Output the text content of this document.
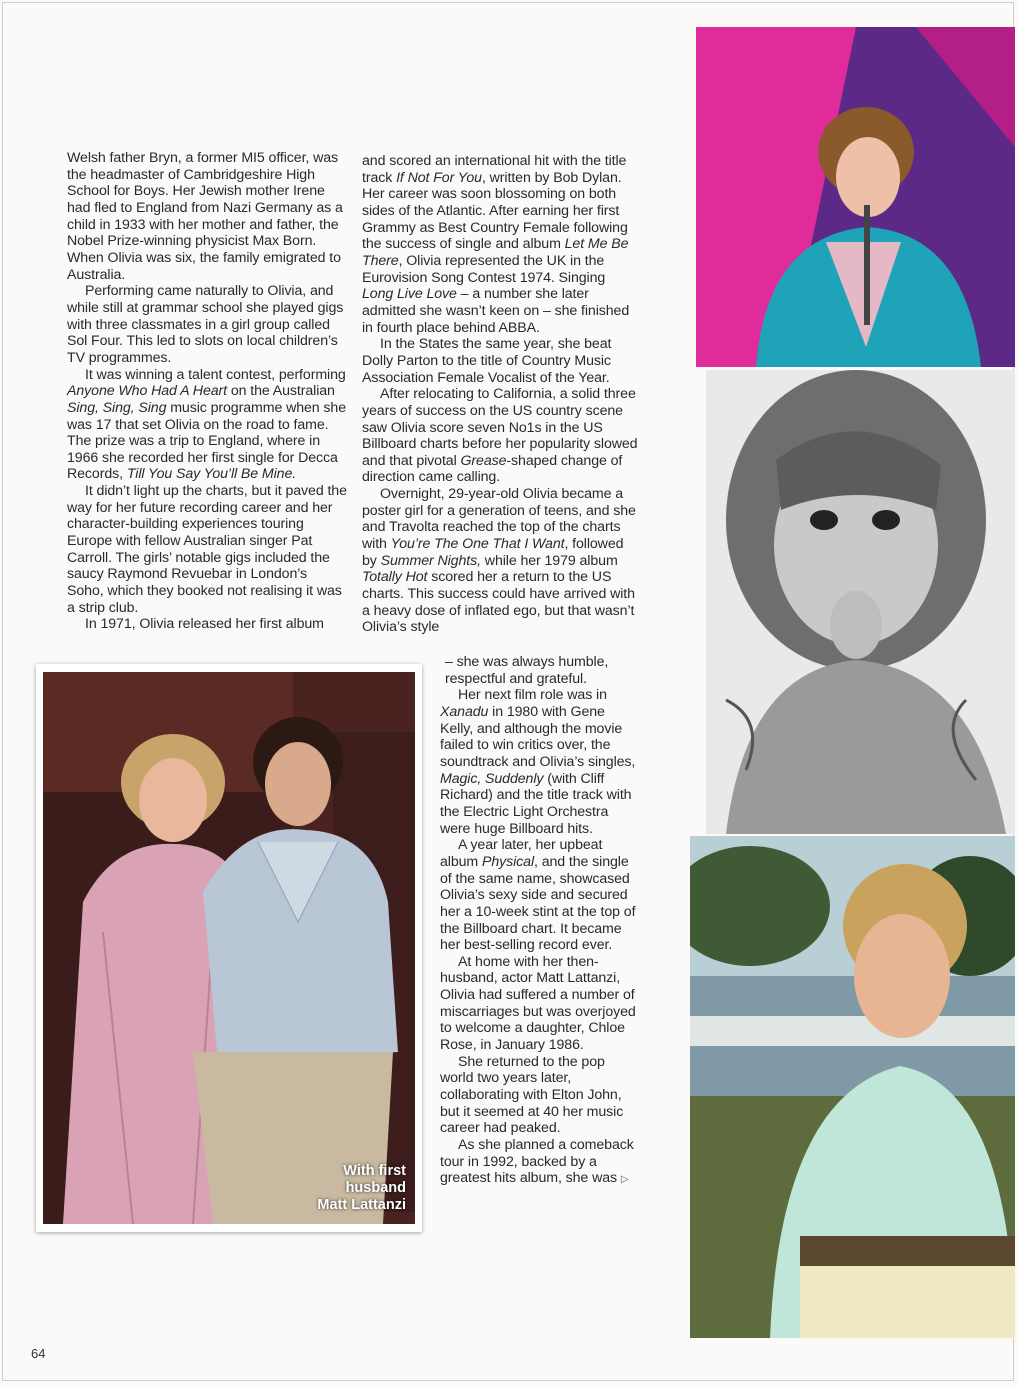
Welsh father Bryn, a former MI5 officer, was the headmaster of Cambridgeshire High School for Boys. Her Jewish mother Irene had fled to England from Nazi Germany as a child in 1933 with her mother and father, the Nobel Prize-winning physicist Max Born. When Olivia was six, the family emigrated to Australia.

Performing came naturally to Olivia, and while still at grammar school she played gigs with three classmates in a girl group called Sol Four. This led to slots on local children’s TV programmes.

It was winning a talent contest, performing Anyone Who Had A Heart on the Australian Sing, Sing, Sing music programme when she was 17 that set Olivia on the road to fame. The prize was a trip to England, where in 1966 she recorded her first single for Decca Records, Till You Say You’ll Be Mine.

It didn’t light up the charts, but it paved the way for her future recording career and her character-building experiences touring Europe with fellow Australian singer Pat Carroll. The girls’ notable gigs included the saucy Raymond Revuebar in London’s Soho, which they booked not realising it was a strip club.

In 1971, Olivia released her first album

and scored an international hit with the title track If Not For You, written by Bob Dylan. Her career was soon blossoming on both sides of the Atlantic. After earning her first Grammy as Best Country Female following the success of single and album Let Me Be There, Olivia represented the UK in the Eurovision Song Contest 1974. Singing Long Live Love – a number she later admitted she wasn’t keen on – she finished in fourth place behind ABBA.

In the States the same year, she beat Dolly Parton to the title of Country Music Association Female Vocalist of the Year.

After relocating to California, a solid three years of success on the US country scene saw Olivia score seven No1s in the US Billboard charts before her popularity slowed and that pivotal Grease-shaped change of direction came calling.

Overnight, 29-year-old Olivia became a poster girl for a generation of teens, and she and Travolta reached the top of the charts with You’re The One That I Want, followed by Summer Nights, while her 1979 album Totally Hot scored her a return to the US charts. This success could have arrived with a heavy dose of inflated ego, but that wasn’t Olivia’s style

– she was always humble, respectful and grateful.

Her next film role was in Xanadu in 1980 with Gene Kelly, and although the movie failed to win critics over, the soundtrack and Olivia’s singles, Magic, Suddenly (with Cliff Richard) and the title track with the Electric Light Orchestra were huge Billboard hits.

A year later, her upbeat album Physical, and the single of the same name, showcased Olivia’s sexy side and secured her a 10-week stint at the top of the Billboard chart. It became her best-selling record ever.

At home with her then-husband, actor Matt Lattanzi, Olivia had suffered a number of miscarriages but was overjoyed to welcome a daughter, Chloe Rose, in January 1986.

She returned to the pop world two years later, collaborating with Elton John, but it seemed at 40 her music career had peaked.

As she planned a comeback tour in 1992, backed by a greatest hits album, she was ▷

With first
husband
Matt Lattanzi
64
